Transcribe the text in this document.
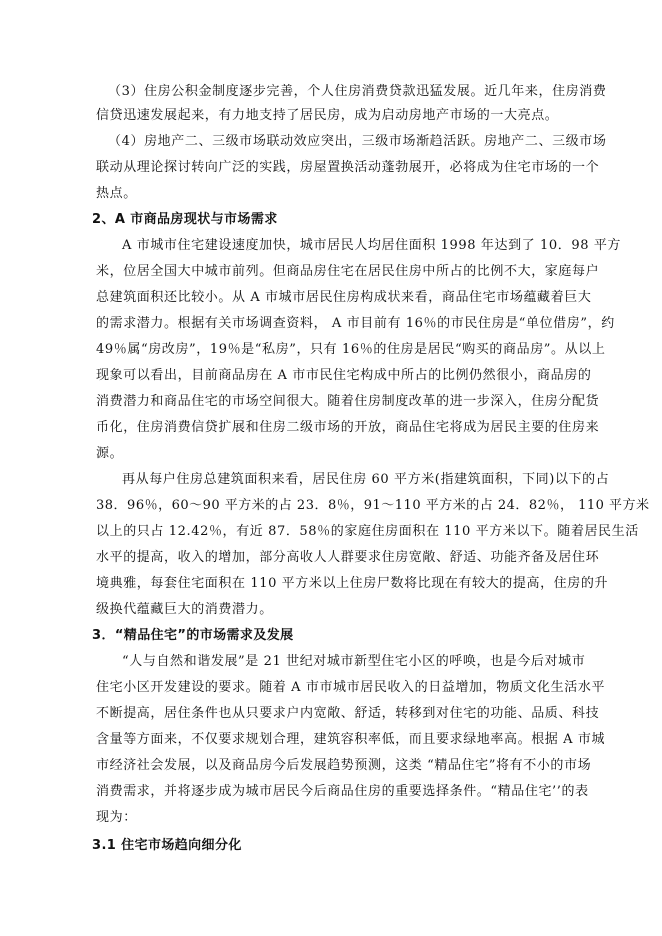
（3）住房公积金制度逐步完善，个人住房消费贷款迅猛发展。近几年来，住房消费
信贷迅速发展起来，有力地支持了居民房，成为启动房地产市场的一大亮点。
（4）房地产二、三级市场联动效应突出，三级市场渐趋活跃。房地产二、三级市场
联动从理论探讨转向广泛的实践，房屋置换活动蓬勃展开，必将成为住宅市场的一个
热点。
2、A 市商品房现状与市场需求
A 市城市住宅建设速度加快，城市居民人均居住面积 1998 年达到了 10．98 平方
米，位居全国大中城市前列。但商品房住宅在居民住房中所占的比例不大，家庭每户
总建筑面积还比较小。从 A 市城市居民住房构成状来看，商品住宅市场蕴藏着巨大
的需求潜力。根据有关市场调查资料， A 市目前有 16％的市民住房是“单位借房”，约
49％属“房改房”，19％是“私房”，只有 16％的住房是居民“购买的商品房”。从以上
现象可以看出，目前商品房在 A 市市民住宅构成中所占的比例仍然很小，商品房的
消费潜力和商品住宅的市场空间很大。随着住房制度改革的进一步深入，住房分配货
币化，住房消费信贷扩展和住房二级市场的开放，商品住宅将成为居民主要的住房来
源。
再从每户住房总建筑面积来看，居民住房 60 平方米(指建筑面积，下同)以下的占
38．96％，60～90 平方米的占 23．8％，91～110 平方米的占 24．82％， 110 平方米
以上的只占 12.42％，有近 87．58％的家庭住房面积在 110 平方米以下。随着居民生活
水平的提高，收入的增加，部分高收人人群要求住房宽敞、舒适、功能齐备及居住环
境典雅，每套住宅面积在 110 平方米以上住房尸数将比现在有较大的提高，住房的升
级换代蕴藏巨大的消费潜力。
3．“精品住宅”的市场需求及发展
“人与自然和谐发展”是 21 世纪对城市新型住宅小区的呼唤，也是今后对城市
住宅小区开发建设的要求。随着 A 市市城市居民收入的日益增加，物质文化生活水平
不断提高，居住条件也从只要求户内宽敞、舒适，转移到对住宅的功能、品质、科技
含量等方面来，不仅要求规划合理，建筑容积率低，而且要求绿地率高。根据 A 市城
市经济社会发展，以及商品房今后发展趋势预测，这类 “精品住宅”将有不小的市场
消费需求，并将逐步成为城市居民今后商品住房的重要选择条件。“精品住宅’’的表
现为：
3.1 住宅市场趋向细分化
